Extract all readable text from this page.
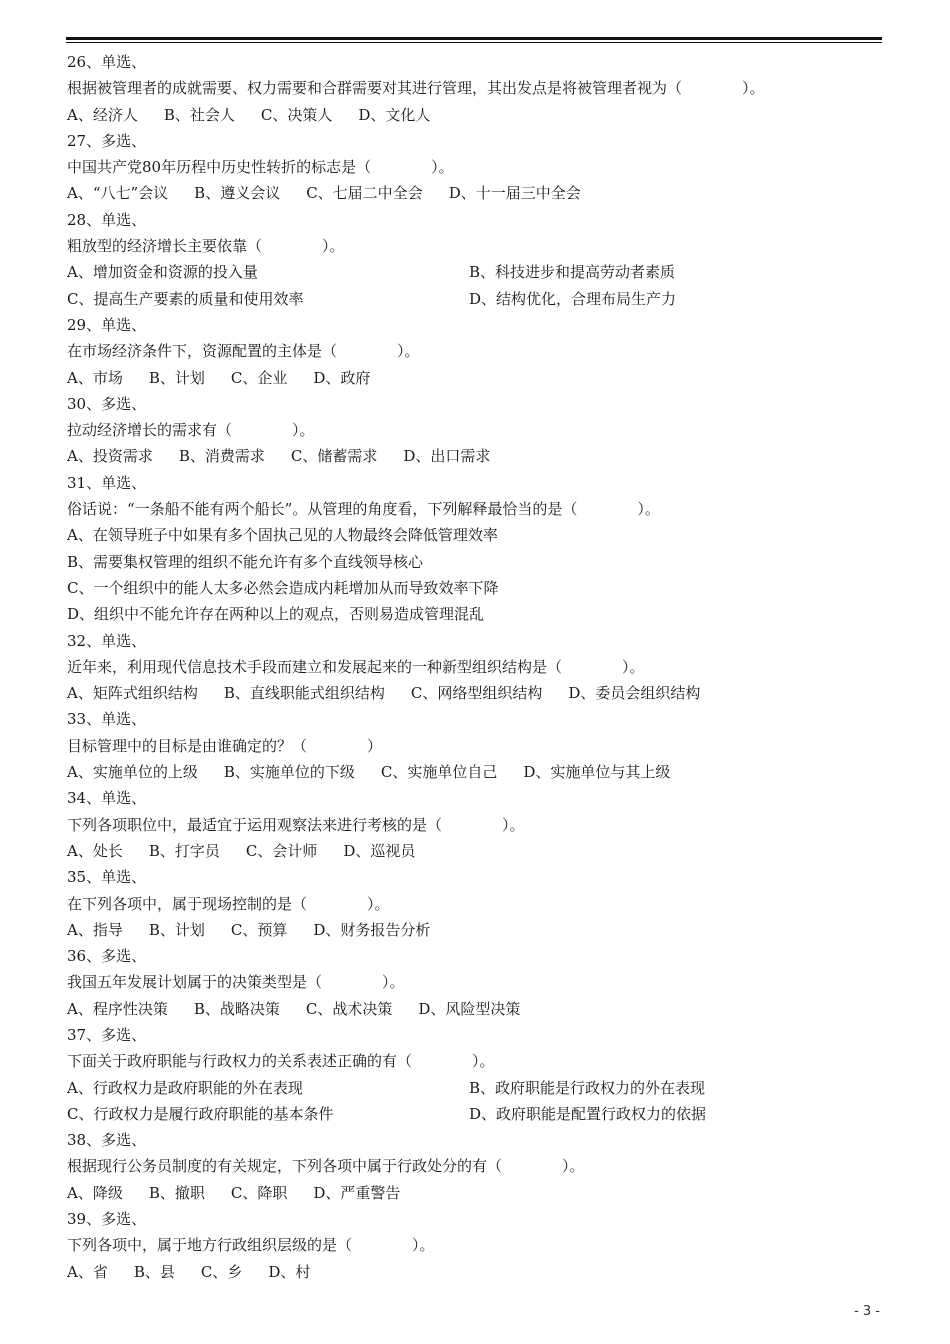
26、单选、
根据被管理者的成就需要、权力需要和合群需要对其进行管理，其出发点是将被管理者视为（　　　　）。
A、经济人 B、社会人 C、决策人 D、文化人
27、多选、
中国共产党80年历程中历史性转折的标志是（　　　　）。
A、“八七”会议 B、遵义会议 C、七届二中全会 D、十一届三中全会
28、单选、
粗放型的经济增长主要依靠（　　　　）。
A、增加资金和资源的投入量	B、科技进步和提高劳动者素质
C、提高生产要素的质量和使用效率	D、结构优化，合理布局生产力
29、单选、
在市场经济条件下，资源配置的主体是（　　　　）。
A、市场 B、计划 C、企业 D、政府
30、多选、
拉动经济增长的需求有（　　　　）。
A、投资需求 B、消费需求 C、储蓄需求 D、出口需求
31、单选、
俗话说：“一条船不能有两个船长”。从管理的角度看，下列解释最恰当的是（　　　　）。
A、在领导班子中如果有多个固执己见的人物最终会降低管理效率
B、需要集权管理的组织不能允许有多个直线领导核心
C、一个组织中的能人太多必然会造成内耗增加从而导致效率下降
D、组织中不能允许存在两种以上的观点，否则易造成管理混乱
32、单选、
近年来，利用现代信息技术手段而建立和发展起来的一种新型组织结构是（　　　　）。
A、矩阵式组织结构 B、直线职能式组织结构 C、网络型组织结构 D、委员会组织结构
33、单选、
目标管理中的目标是由谁确定的？（　　　　）
A、实施单位的上级 B、实施单位的下级 C、实施单位自己 D、实施单位与其上级
34、单选、
下列各项职位中，最适宜于运用观察法来进行考核的是（　　　　）。
A、处长 B、打字员 C、会计师 D、巡视员
35、单选、
在下列各项中，属于现场控制的是（　　　　）。
A、指导 B、计划 C、预算 D、财务报告分析
36、多选、
我国五年发展计划属于的决策类型是（　　　　）。
A、程序性决策 B、战略决策 C、战术决策 D、风险型决策
37、多选、
下面关于政府职能与行政权力的关系表述正确的有（　　　　）。
A、行政权力是政府职能的外在表现	B、政府职能是行政权力的外在表现
C、行政权力是履行政府职能的基本条件	D、政府职能是配置行政权力的依据
38、多选、
根据现行公务员制度的有关规定，下列各项中属于行政处分的有（　　　　）。
A、降级 B、撤职 C、降职 D、严重警告
39、多选、
下列各项中，属于地方行政组织层级的是（　　　　）。
A、省 B、县 C、乡 D、村
- 3 -
